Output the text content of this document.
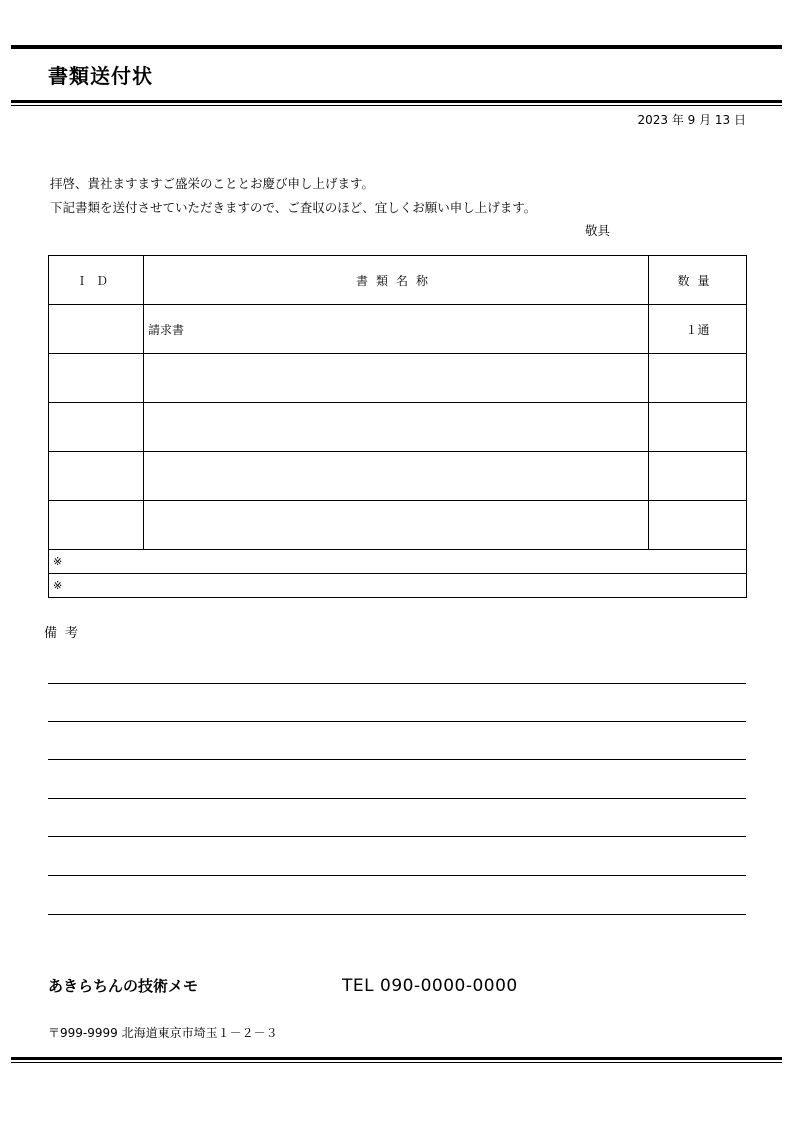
書類送付状
2023 年 9 月 13 日
拝啓、貴社ますますご盛栄のこととお慶び申し上げます。
下記書類を送付させていただきますので、ご査収のほど、宜しくお願い申し上げます。
敬具
ＩＤ	書類名称	数量
	請求書	１通

※		
※		
備考
あきらちんの技術メモ	TEL 090-0000-0000
〒999-9999 北海道東京市埼玉１－２－３
